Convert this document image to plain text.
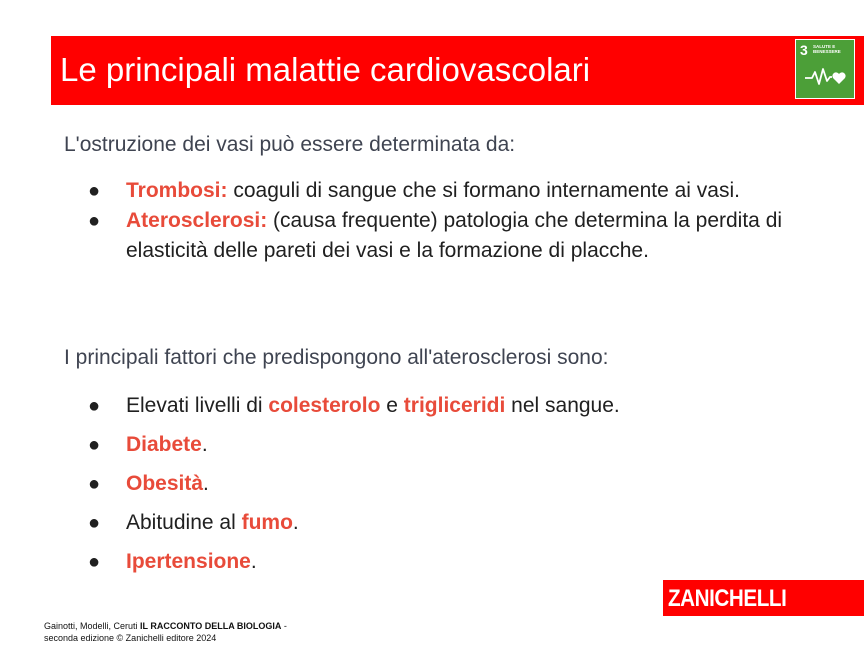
Le principali malattie cardiovascolari
3 SALUTE E BENESSERE
L'ostruzione dei vasi può essere determinata da:
● Trombosi: coaguli di sangue che si formano internamente ai vasi.
● Aterosclerosi: (causa frequente) patologia che determina la perdita di elasticità delle pareti dei vasi e la formazione di placche.
I principali fattori che predispongono all'aterosclerosi sono:
● Elevati livelli di colesterolo e trigliceridi nel sangue.
● Diabete.
● Obesità.
● Abitudine al fumo.
● Ipertensione.
ZANICHELLI
Gainotti, Modelli, Ceruti IL RACCONTO DELLA BIOLOGIA -
seconda edizione © Zanichelli editore 2024
